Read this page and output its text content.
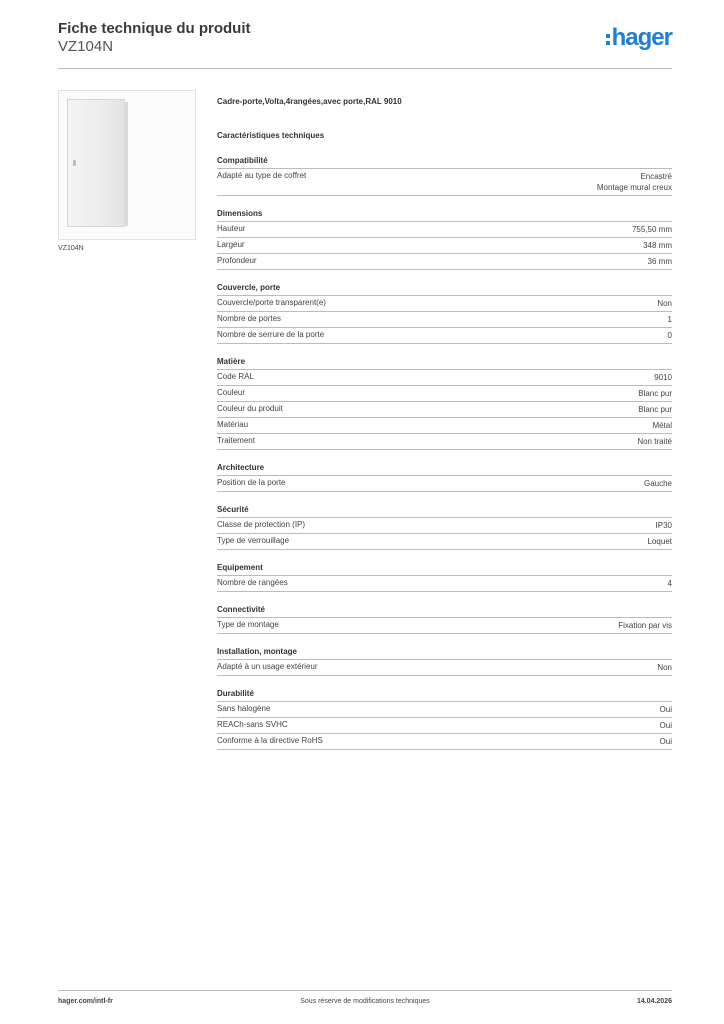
Fiche technique du produit
VZ104N	hager
VZ104N
Cadre-porte,Volta,4rangées,avec porte,RAL 9010
Caractéristiques techniques
Compatibilité
Adapté au type de coffret	Encastré
Montage mural creux
Dimensions
Hauteur	755,50 mm
Largeur	348 mm
Profondeur	36 mm
Couvercle, porte
Couvercle/porte transparent(e)	Non
Nombre de portes	1
Nombre de serrure de la porte	0
Matière
Code RAL	9010
Couleur	Blanc pur
Couleur du produit	Blanc pur
Matériau	Métal
Traitement	Non traité
Architecture
Position de la porte	Gauche
Sécurité
Classe de protection (IP)	IP30
Type de verrouillage	Loquet
Equipement
Nombre de rangées	4
Connectivité
Type de montage	Fixation par vis
Installation, montage
Adapté à un usage extérieur	Non
Durabilité
Sans halogène	Oui
REACh-sans SVHC	Oui
Conforme à la directive RoHS	Oui
hager.com/intl-fr	Sous réserve de modifications techniques	14.04.2026
